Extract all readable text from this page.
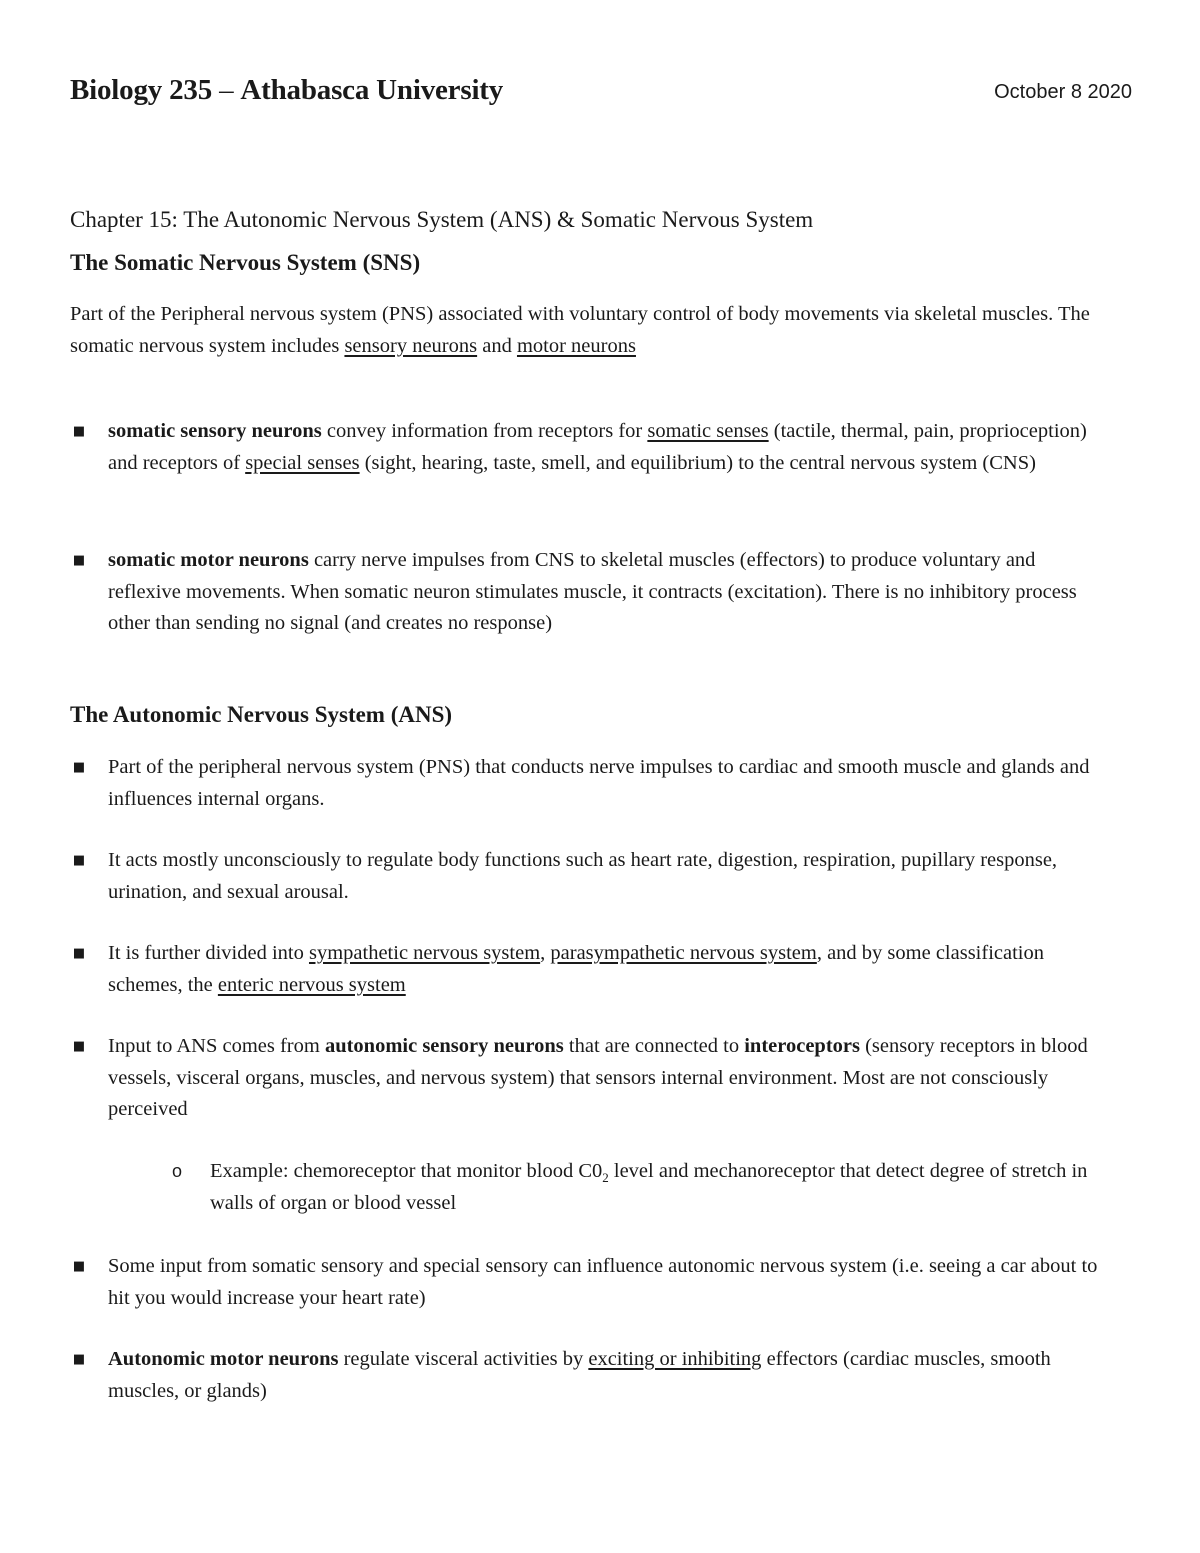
Biology 235 – Athabasca University	October 8 2020
Chapter 15: The Autonomic Nervous System (ANS) & Somatic Nervous System
The Somatic Nervous System (SNS)
Part of the Peripheral nervous system (PNS) associated with voluntary control of body movements via skeletal muscles. The somatic nervous system includes sensory neurons and motor neurons
■ somatic sensory neurons convey information from receptors for somatic senses (tactile, thermal, pain, proprioception) and receptors of special senses (sight, hearing, taste, smell, and equilibrium) to the central nervous system (CNS)
■ somatic motor neurons carry nerve impulses from CNS to skeletal muscles (effectors) to produce voluntary and reflexive movements. When somatic neuron stimulates muscle, it contracts (excitation). There is no inhibitory process other than sending no signal (and creates no response)
The Autonomic Nervous System (ANS)
■ Part of the peripheral nervous system (PNS) that conducts nerve impulses to cardiac and smooth muscle and glands and influences internal organs.
■ It acts mostly unconsciously to regulate body functions such as heart rate, digestion, respiration, pupillary response, urination, and sexual arousal.
■ It is further divided into sympathetic nervous system, parasympathetic nervous system, and by some classification schemes, the enteric nervous system
■ Input to ANS comes from autonomic sensory neurons that are connected to interoceptors (sensory receptors in blood vessels, visceral organs, muscles, and nervous system) that sensors internal environment. Most are not consciously perceived
o Example: chemoreceptor that monitor blood $C0_2$ level and mechanoreceptor that detect degree of stretch in walls of organ or blood vessel
■ Some input from somatic sensory and special sensory can influence autonomic nervous system (i.e. seeing a car about to hit you would increase your heart rate)
■ Autonomic motor neurons regulate visceral activities by exciting or inhibiting effectors (cardiac muscles, smooth muscles, or glands)
